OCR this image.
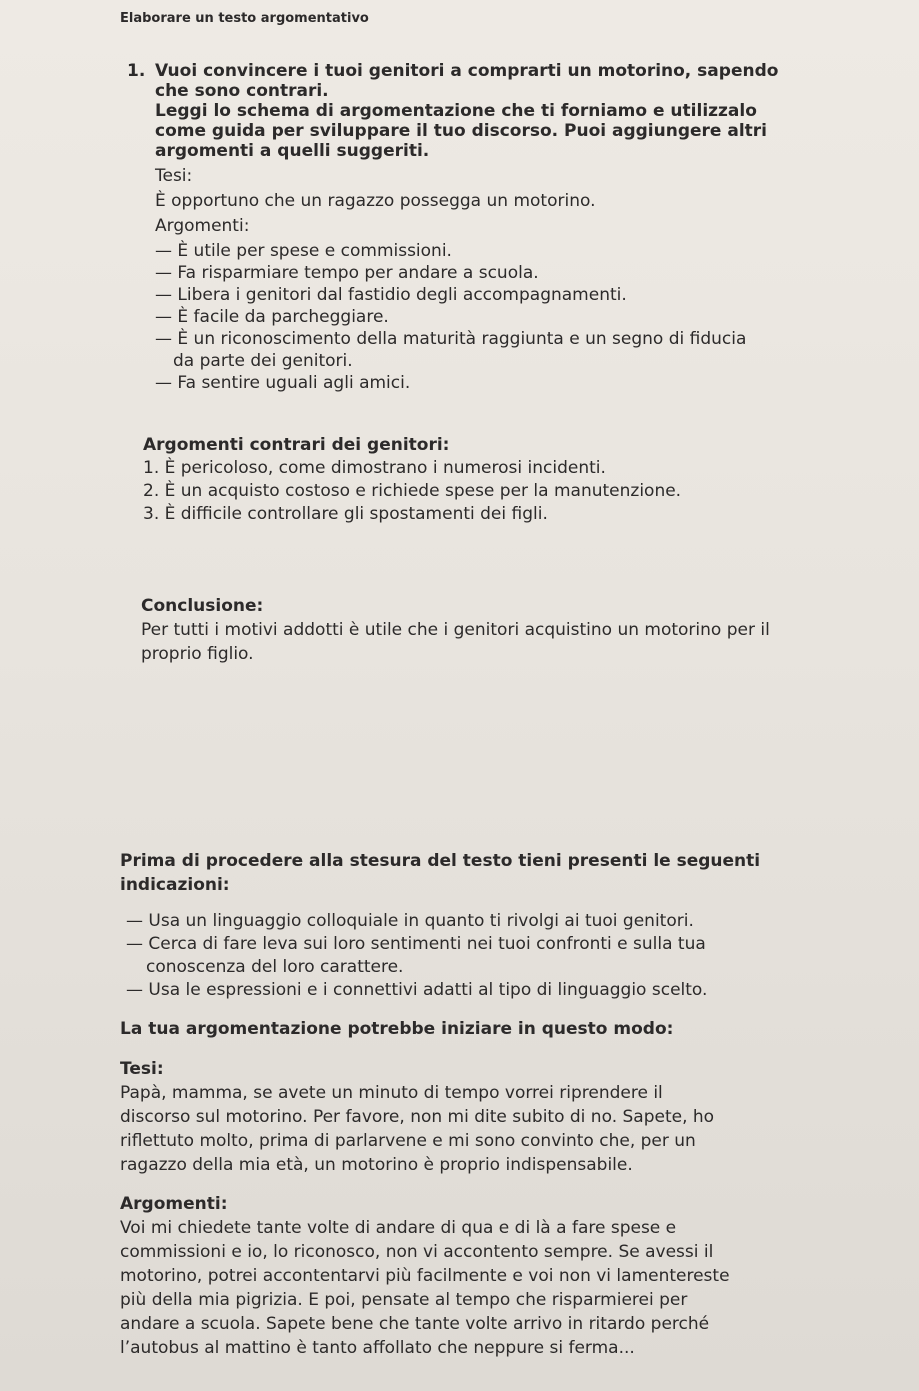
Elaborare un testo argomentativo
1. Vuoi convincere i tuoi genitori a comprarti un motorino, sapendo
che sono contrari.
Leggi lo schema di argomentazione che ti forniamo e utilizzalo
come guida per sviluppare il tuo discorso. Puoi aggiungere altri
argomenti a quelli suggeriti.
Tesi:
È opportuno che un ragazzo possegga un motorino.
Argomenti:
— È utile per spese e commissioni.
— Fa risparmiare tempo per andare a scuola.
— Libera i genitori dal fastidio degli accompagnamenti.
— È facile da parcheggiare.
— È un riconoscimento della maturità raggiunta e un segno di fiducia
da parte dei genitori.
— Fa sentire uguali agli amici.
Argomenti contrari dei genitori:
1. È pericoloso, come dimostrano i numerosi incidenti.
2. È un acquisto costoso e richiede spese per la manutenzione.
3. È difficile controllare gli spostamenti dei figli.
Conclusione:
Per tutti i motivi addotti è utile che i genitori acquistino un motorino per il
proprio figlio.
Prima di procedere alla stesura del testo tieni presenti le seguenti
indicazioni:
— Usa un linguaggio colloquiale in quanto ti rivolgi ai tuoi genitori.
— Cerca di fare leva sui loro sentimenti nei tuoi confronti e sulla tua
conoscenza del loro carattere.
— Usa le espressioni e i connettivi adatti al tipo di linguaggio scelto.
La tua argomentazione potrebbe iniziare in questo modo:
Tesi:
Papà, mamma, se avete un minuto di tempo vorrei riprendere il
discorso sul motorino. Per favore, non mi dite subito di no. Sapete, ho
riflettuto molto, prima di parlarvene e mi sono convinto che, per un
ragazzo della mia età, un motorino è proprio indispensabile.
Argomenti:
Voi mi chiedete tante volte di andare di qua e di là a fare spese e
commissioni e io, lo riconosco, non vi accontento sempre. Se avessi il
motorino, potrei accontentarvi più facilmente e voi non vi lamentereste
più della mia pigrizia. E poi, pensate al tempo che risparmierei per
andare a scuola. Sapete bene che tante volte arrivo in ritardo perché
l’autobus al mattino è tanto affollato che neppure si ferma...
